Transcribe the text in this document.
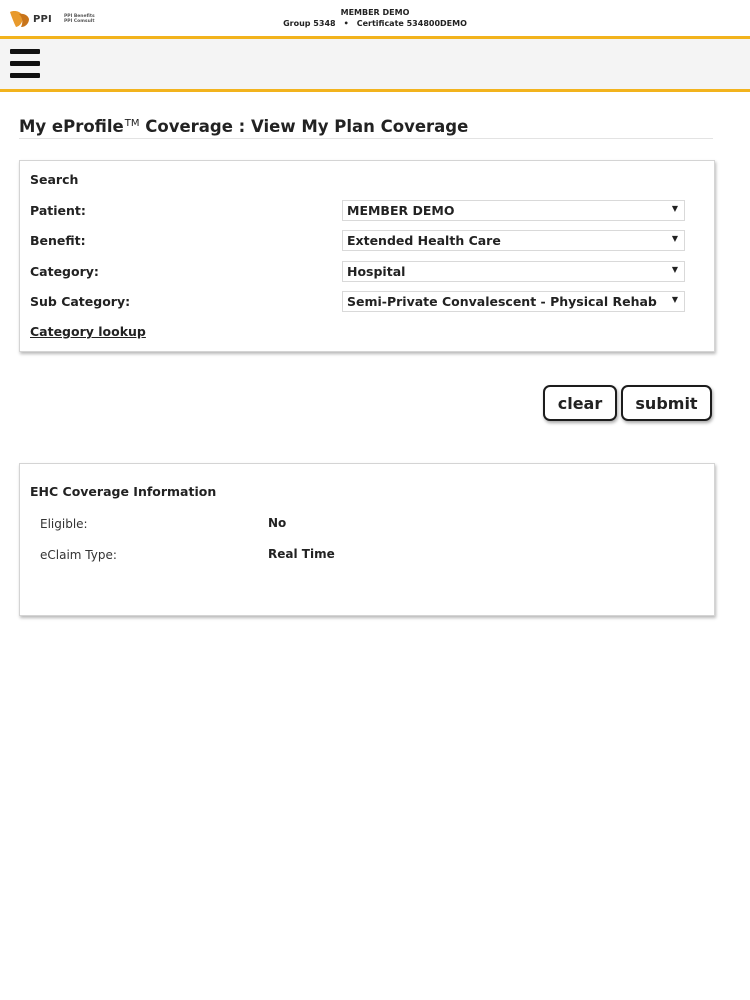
PPI	PPI Benefits
PPI Comsult
MEMBER DEMO
Group 5348 • Certificate 534800DEMO
My eProfile™ Coverage : View My Plan Coverage
Search
Patient:	MEMBER DEMO	▼
Benefit:	Extended Health Care	▼
Category:	Hospital	▼
Sub Category:	Semi-Private Convalescent - Physical Rehab ▼
Category lookup
clear	submit
EHC Coverage Information
Eligible:	No
eClaim Type:	Real Time
